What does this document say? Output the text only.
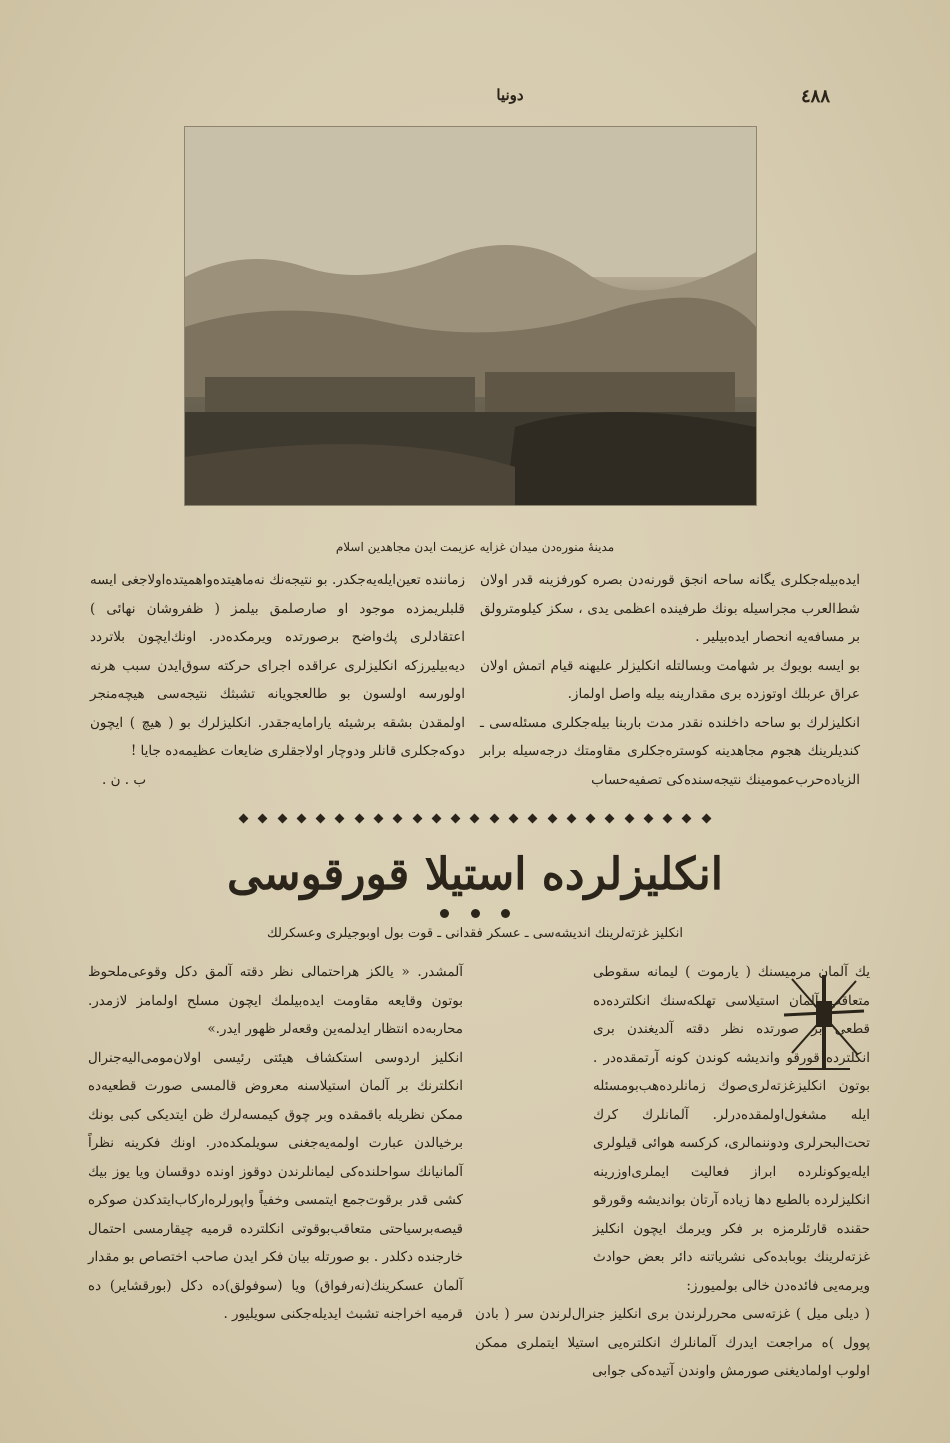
٤٨٨
دونیا
مدینهٔ منوره‌دن میدان غزایه عزیمت ایدن مجاهدین اسلام

ایده‌بیله‌جکلری یگانه ساحه انجق قورنه‌دن بصره کورفزینه قدر اولان شط‌العرب مجراسیله بونك طرفینده اعظمی یدی ، سکز کیلومترولق بر مسافه‌یه انحصار ایده‌بیلیر .

بو ایسه بویوك بر شهامت وبسالتله انکلیزلر علیهنه قیام اتمش اولان عراق عربلك اوتوزده بری مقدارینه بیله واصل اولماز.

انکلیزلرك بو ساحه داخلنده نقدر مدت باربنا بیله‌جکلری مسئله‌سی ـ کندیلرینك هجوم مجاهدینه کوستره‌جکلری مقاومتك درجه‌سیله برابر الزیاده‌حرب‌عمومینك نتیجه‌سنده‌کی تصفیه‌حساب

زماننده تعین‌ایله‌یه‌جکدر. بو نتیجه‌نك نه‌ماهیتده‌واهمیتده‌اولاجغی ایسه قلبلریمزده موجود او صارصلمق بیلمز ( ظفروشان نهائی ) اعتقادلری پك‌واضح برصورتده ویرمکده‌در. اونك‌ایچون بلاتردد دیه‌بیلیرزکه انکلیزلری عراقده اجرای حرکته سوق‌ایدن سبب هرنه اولورسه اولسون بو طالعجویانه تشبثك نتیجه‌سی هیچه‌منجر اولمقدن بشقه برشیئه یارامایه‌جقدر. انکلیزلرك بو ( هیچ ) ایچون دوکه‌جکلری قانلر ودوچار اولاجقلری ضایعات عظیمه‌ده جایا !

ب . ن .

انکلیزلرده استیلا قورقوسی
انکلیز غزته‌لرینك اندیشه‌سی ـ عسکر فقدانی ـ قوت بول اوبوجیلری وعسکرلك

یك آلمان مرمیسنك ( یارموت ) لیمانه سقوطی متعاقب آلمان استیلاسی تهلکه‌سنك انکلترده‌ده قطعی بر صورتده نظر دقته آلدیغندن بری انکلترده قورقو واندیشه کوندن کونه آرتمقده‌در . بوتون انکلیزغزته‌لری‌صوك زمانلرده‌هب‌بومسئله ایله مشغول‌اولمقده‌درلر. آلمانلرك کرك تحت‌البحرلری ودوننمالری، کرکسه هوائی قیلولری ایله‌یوکونلرده ابراز فعالیت ایملری‌اوزرینه انکلیزلرده بالطبع دها زیاده آرتان بواندیشه وقورقو حقنده قارئلرمزه بر فکر ویرمك ایچون انکلیز غزته‌لرینك بوبابده‌کی نشریاتنه دائر بعض حوادث ویرمه‌یی فائده‌دن خالی بولمیورز:

( دیلی میل ) غزته‌سی محررلرندن بری انکلیز جنرال‌لرندن سر ( بادن پوول )ه مراجعت ایدرك آلمانلرك انکلتره‌یی استیلا ایتملری ممکن اولوب اولمادیغنی صورمش واوندن آتیده‌کی جوابی

آلمشدر. « یالکز هراحتمالی نظر دقته آلمق دکل وقوعی‌ملحوظ بوتون وقایعه مقاومت ایده‌بیلمك ایچون مسلح اولمامز لازمدر. محاربه‌ده انتظار ایدلمه‌ین وقعه‌لر ظهور ایدر.»

انکلیز اردوسی استکشاف هیئتی رئیسی اولان‌مومی‌الیه‌جنرال انکلترنك بر آلمان استیلاسنه معروض قالمسی صورت قطعیه‌ده ممکن نظریله باقمقده وبر چوق کیمسه‌لرك ظن ایتدیکی کبی بونك برخیالدن عبارت اولمه‌یه‌جغنی سویلمکده‌در. اونك فکرینه نظراً آلمانیانك سواحلنده‌کی لیمانلرندن دوقوز اونده دوقسان ویا یوز بیك کشی قدر برقوت‌جمع ایتمسی وخفیاً واپورلره‌اركاب‌ایتدکدن صوکره قیصه‌برسیاحتی متعاقب‌بوقوتی انکلترده قرمیه چیقارمسی احتمال خارجنده دکلدر . بو صورتله بیان فکر ایدن صاحب اختصاص بو مقدار آلمان عسکرینك(نه‌رفواق) ویا (سوفولق)ده دکل (بورقشایر) ده قرمیه اخراجنه تشبث ایدیله‌جکنی سویلیور .
